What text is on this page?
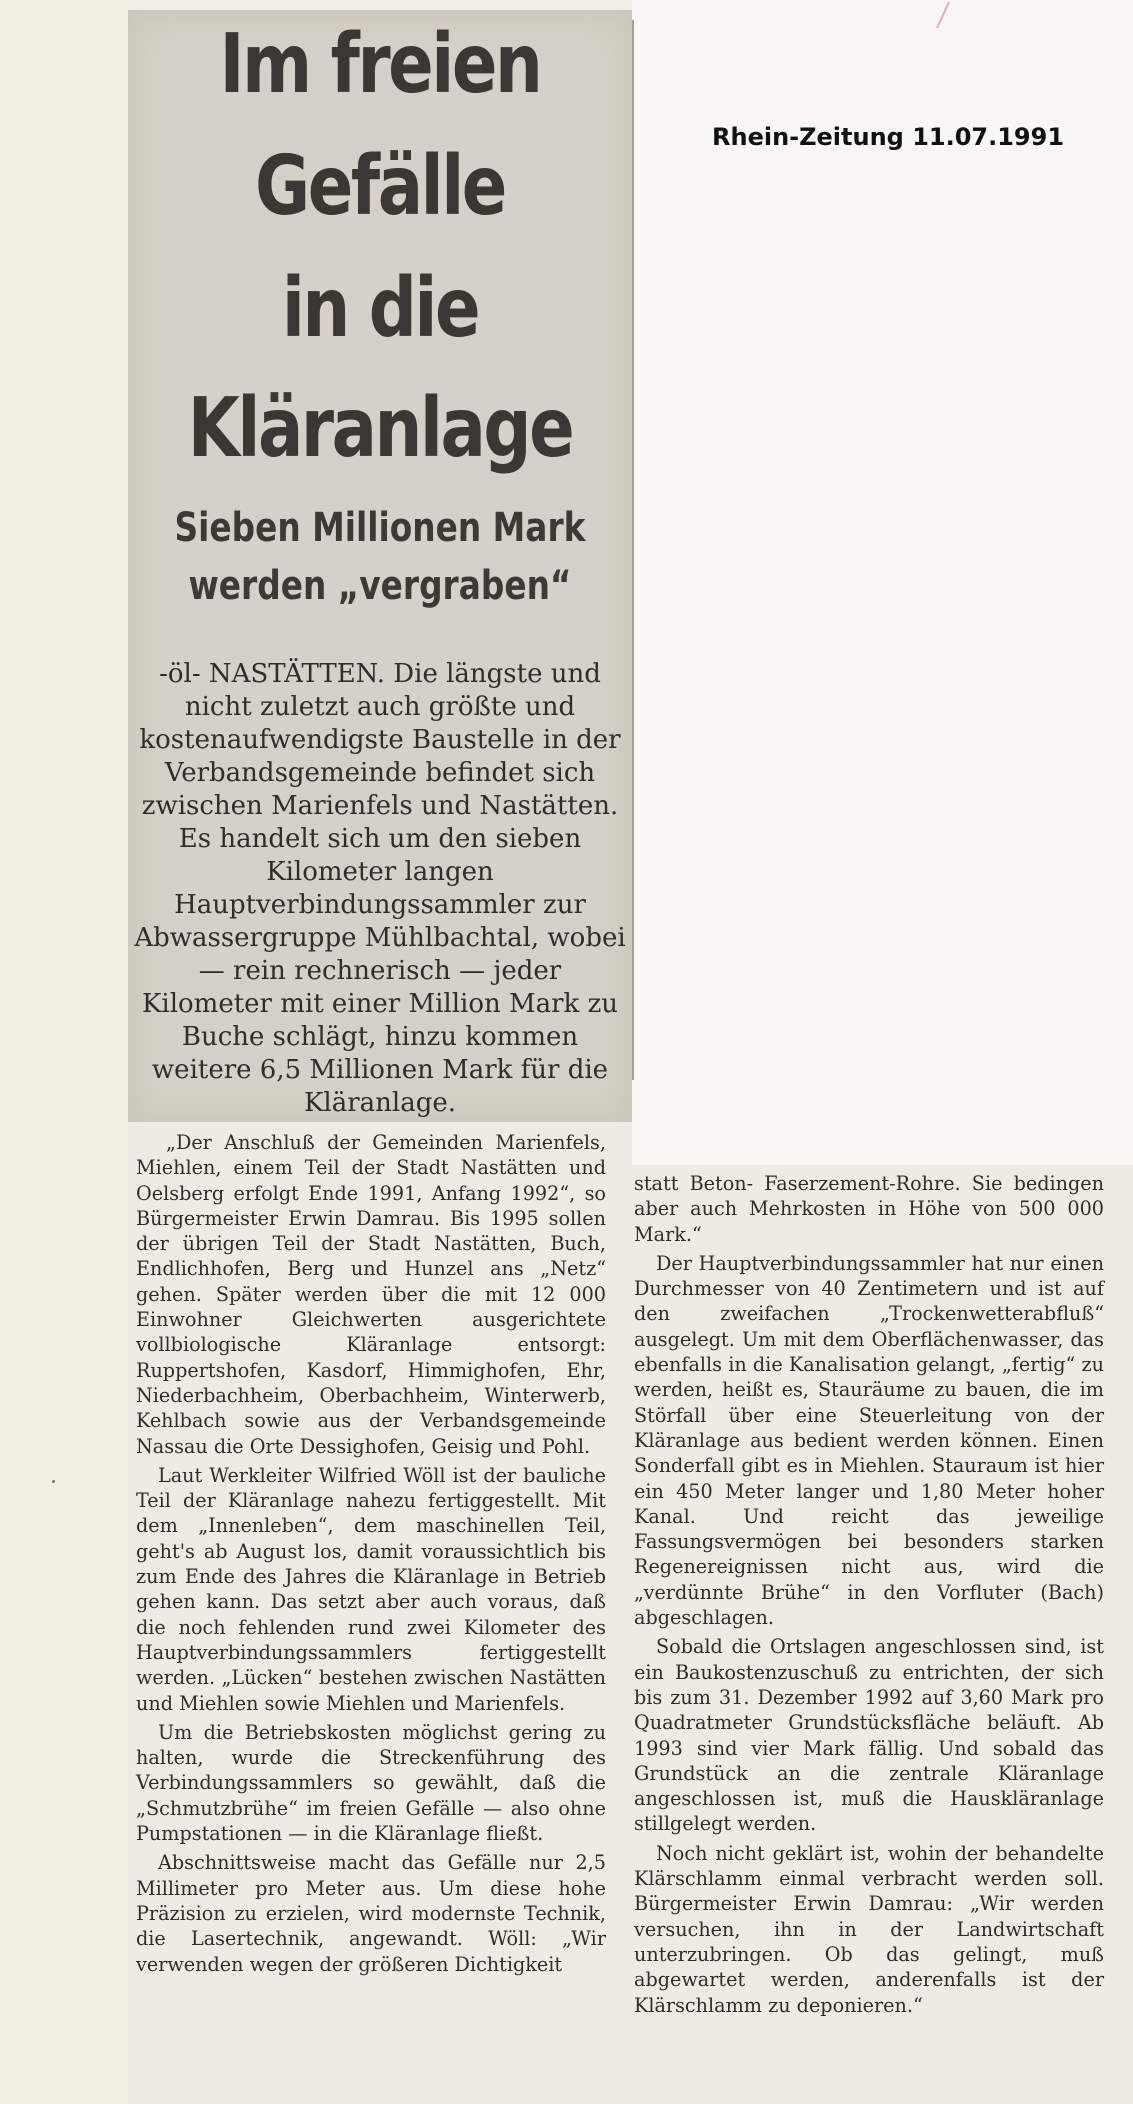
Rhein-Zeitung 11.07.1991
Im freien
Gefälle
in die
Kläranlage
Sieben Millionen Mark
werden „vergraben“

-öl- NASTÄTTEN. Die längste und nicht zuletzt auch größte und kostenaufwendigste Baustelle in der Verbandsgemeinde befindet sich zwischen Marienfels und Nastätten. Es handelt sich um den sieben Kilometer langen Hauptverbindungssammler zur Abwassergruppe Mühlbachtal, wobei — rein rechnerisch — jeder Kilometer mit einer Million Mark zu Buche schlägt, hinzu kommen weitere 6,5 Millionen Mark für die Kläranlage.

„Der Anschluß der Gemeinden Marienfels, Miehlen, einem Teil der Stadt Nastätten und Oelsberg erfolgt Ende 1991, Anfang 1992“, so Bürgermeister Erwin Damrau. Bis 1995 sollen der übrigen Teil der Stadt Nastätten, Buch, Endlichhofen, Berg und Hunzel ans „Netz“ gehen. Später werden über die mit 12 000 Einwohner Gleichwerten ausgerichtete vollbiologische Kläranlage entsorgt: Ruppertshofen, Kasdorf, Himmighofen, Ehr, Niederbachheim, Oberbachheim, Winterwerb, Kehlbach sowie aus der Verbandsgemeinde Nassau die Orte Dessighofen, Geisig und Pohl.

Laut Werkleiter Wilfried Wöll ist der bauliche Teil der Kläranlage nahezu fertiggestellt. Mit dem „Innenleben“, dem maschinellen Teil, geht's ab August los, damit voraussichtlich bis zum Ende des Jahres die Kläranlage in Betrieb gehen kann. Das setzt aber auch voraus, daß die noch fehlenden rund zwei Kilometer des Hauptverbindungssammlers fertiggestellt werden. „Lücken“ bestehen zwischen Nastätten und Miehlen sowie Miehlen und Marienfels.

Um die Betriebskosten möglichst gering zu halten, wurde die Streckenführung des Verbindungssammlers so gewählt, daß die „Schmutzbrühe“ im freien Gefälle — also ohne Pumpstationen — in die Kläranlage fließt.

Abschnittsweise macht das Gefälle nur 2,5 Millimeter pro Meter aus. Um diese hohe Präzision zu erzielen, wird modernste Technik, die Lasertechnik, angewandt. Wöll: „Wir verwenden wegen der größeren Dichtigkeit

statt Beton- Faserzement-Rohre. Sie bedingen aber auch Mehrkosten in Höhe von 500 000 Mark.“

Der Hauptverbindungssammler hat nur einen Durchmesser von 40 Zentimetern und ist auf den zweifachen „Trockenwetterabfluß“ ausgelegt. Um mit dem Oberflächenwasser, das ebenfalls in die Kanalisation gelangt, „fertig“ zu werden, heißt es, Stauräume zu bauen, die im Störfall über eine Steuerleitung von der Kläranlage aus bedient werden können. Einen Sonderfall gibt es in Miehlen. Stauraum ist hier ein 450 Meter langer und 1,80 Meter hoher Kanal. Und reicht das jeweilige Fassungsvermögen bei besonders starken Regenereignissen nicht aus, wird die „verdünnte Brühe“ in den Vorfluter (Bach) abgeschlagen.

Sobald die Ortslagen angeschlossen sind, ist ein Baukostenzuschuß zu entrichten, der sich bis zum 31. Dezember 1992 auf 3,60 Mark pro Quadratmeter Grundstücksfläche beläuft. Ab 1993 sind vier Mark fällig. Und sobald das Grundstück an die zentrale Kläranlage angeschlossen ist, muß die Hauskläranlage stillgelegt werden.

Noch nicht geklärt ist, wohin der behandelte Klärschlamm einmal verbracht werden soll. Bürgermeister Erwin Damrau: „Wir werden versuchen, ihn in der Landwirtschaft unterzubringen. Ob das gelingt, muß abgewartet werden, anderenfalls ist der Klärschlamm zu deponieren.“
